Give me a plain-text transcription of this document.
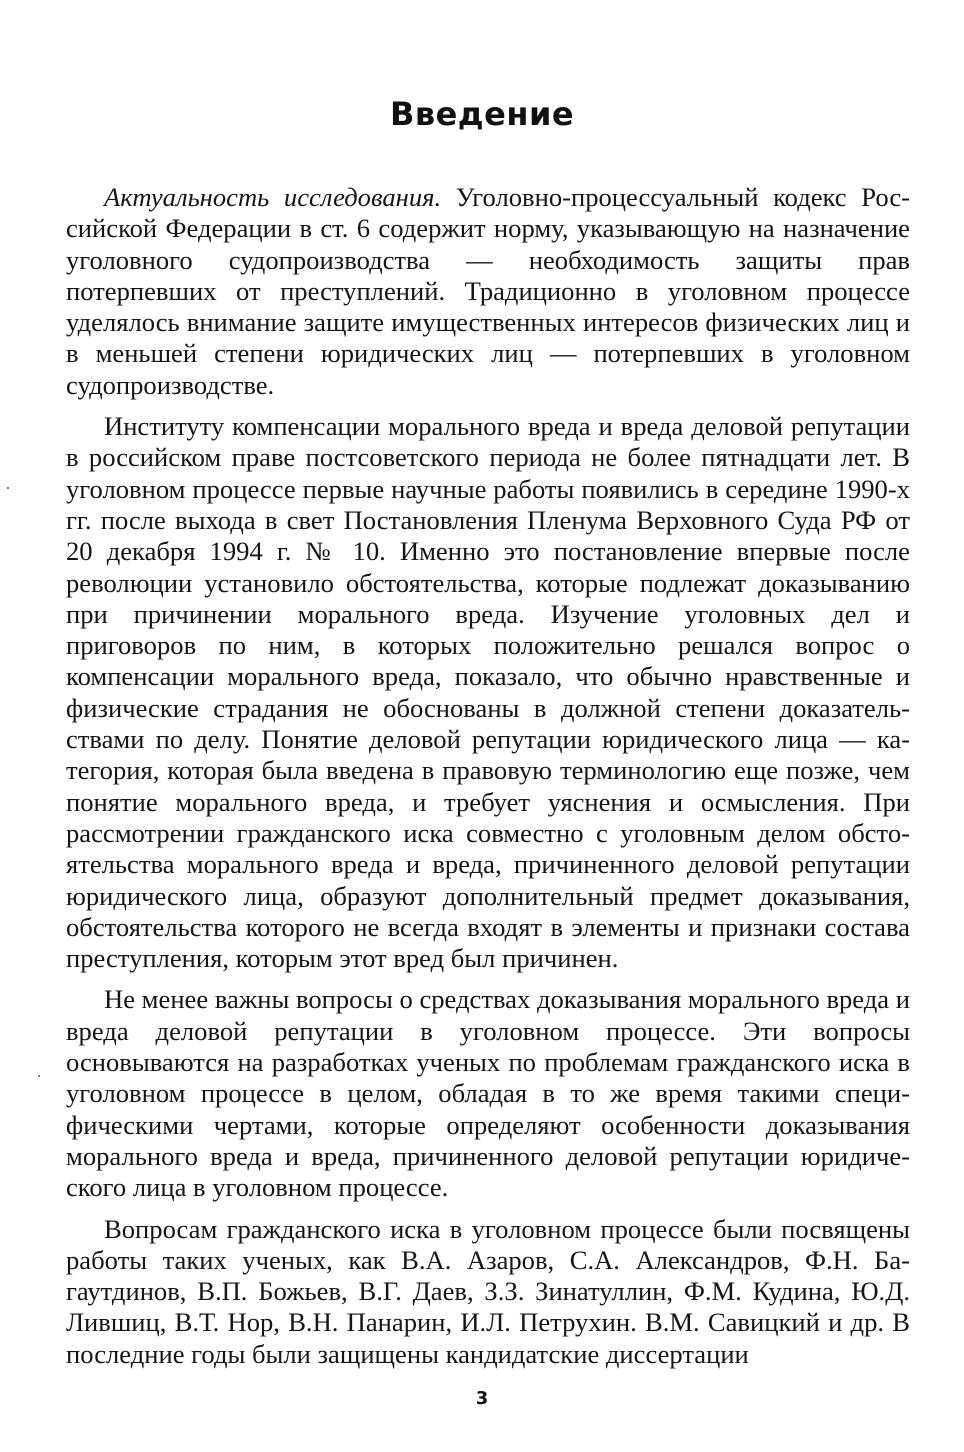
Введение

Актуальность исследования. Уголовно-процессуальный кодекс Российской Федерации в ст. 6 содержит норму, указывающую на назначение уголовного судопроизводства — необходимость защиты прав потерпевших от преступлений. Традиционно в уголовном процессе уделялось внимание защите имущественных интересов физических лиц и в меньшей степени юридических лиц — потерпевших в уголовном судопроизводстве.

Институту компенсации морального вреда и вреда деловой репутации в российском праве постсоветского периода не более пятнадцати лет. В уголовном процессе первые научные работы появились в середине 1990-х гг. после выхода в свет Постановления Пленума Верховного Суда РФ от 20 декабря 1994 г. № 10. Именно это постановление впервые после революции установило обстоятельства, которые подлежат доказыванию при причинении морального вреда. Изучение уголовных дел и приговоров по ним, в которых положительно решался вопрос о компенсации морального вреда, показало, что обычно нравственные и физические страдания не обоснованы в должной степени доказательствами по делу. Понятие деловой репутации юридического лица — категория, которая была введена в правовую терминологию еще позже, чем понятие морального вреда, и требует уяснения и осмысления. При рассмотрении гражданского иска совместно с уголовным делом обстоятельства морального вреда и вреда, причиненного деловой репутации юридического лица, образуют дополнительный предмет доказывания, обстоятельства которого не всегда входят в элементы и признаки состава преступления, которым этот вред был причинен.

Не менее важны вопросы о средствах доказывания морального вреда и вреда деловой репутации в уголовном процессе. Эти вопросы основываются на разработках ученых по проблемам гражданского иска в уголовном процессе в целом, обладая в то же время такими специфическими чертами, которые определяют особенности доказывания морального вреда и вреда, причиненного деловой репутации юридического лица в уголовном процессе.

Вопросам гражданского иска в уголовном процессе были посвящены работы таких ученых, как В.А. Азаров, С.А. Александров, Ф.Н. Багаутдинов, В.П. Божьев, В.Г. Даев, З.З. Зинатуллин, Ф.М. Кудина, Ю.Д. Лившиц, В.Т. Нор, В.Н. Панарин, И.Л. Петрухин. В.М. Савицкий и др. В последние годы были защищены кандидатские диссертации

3
